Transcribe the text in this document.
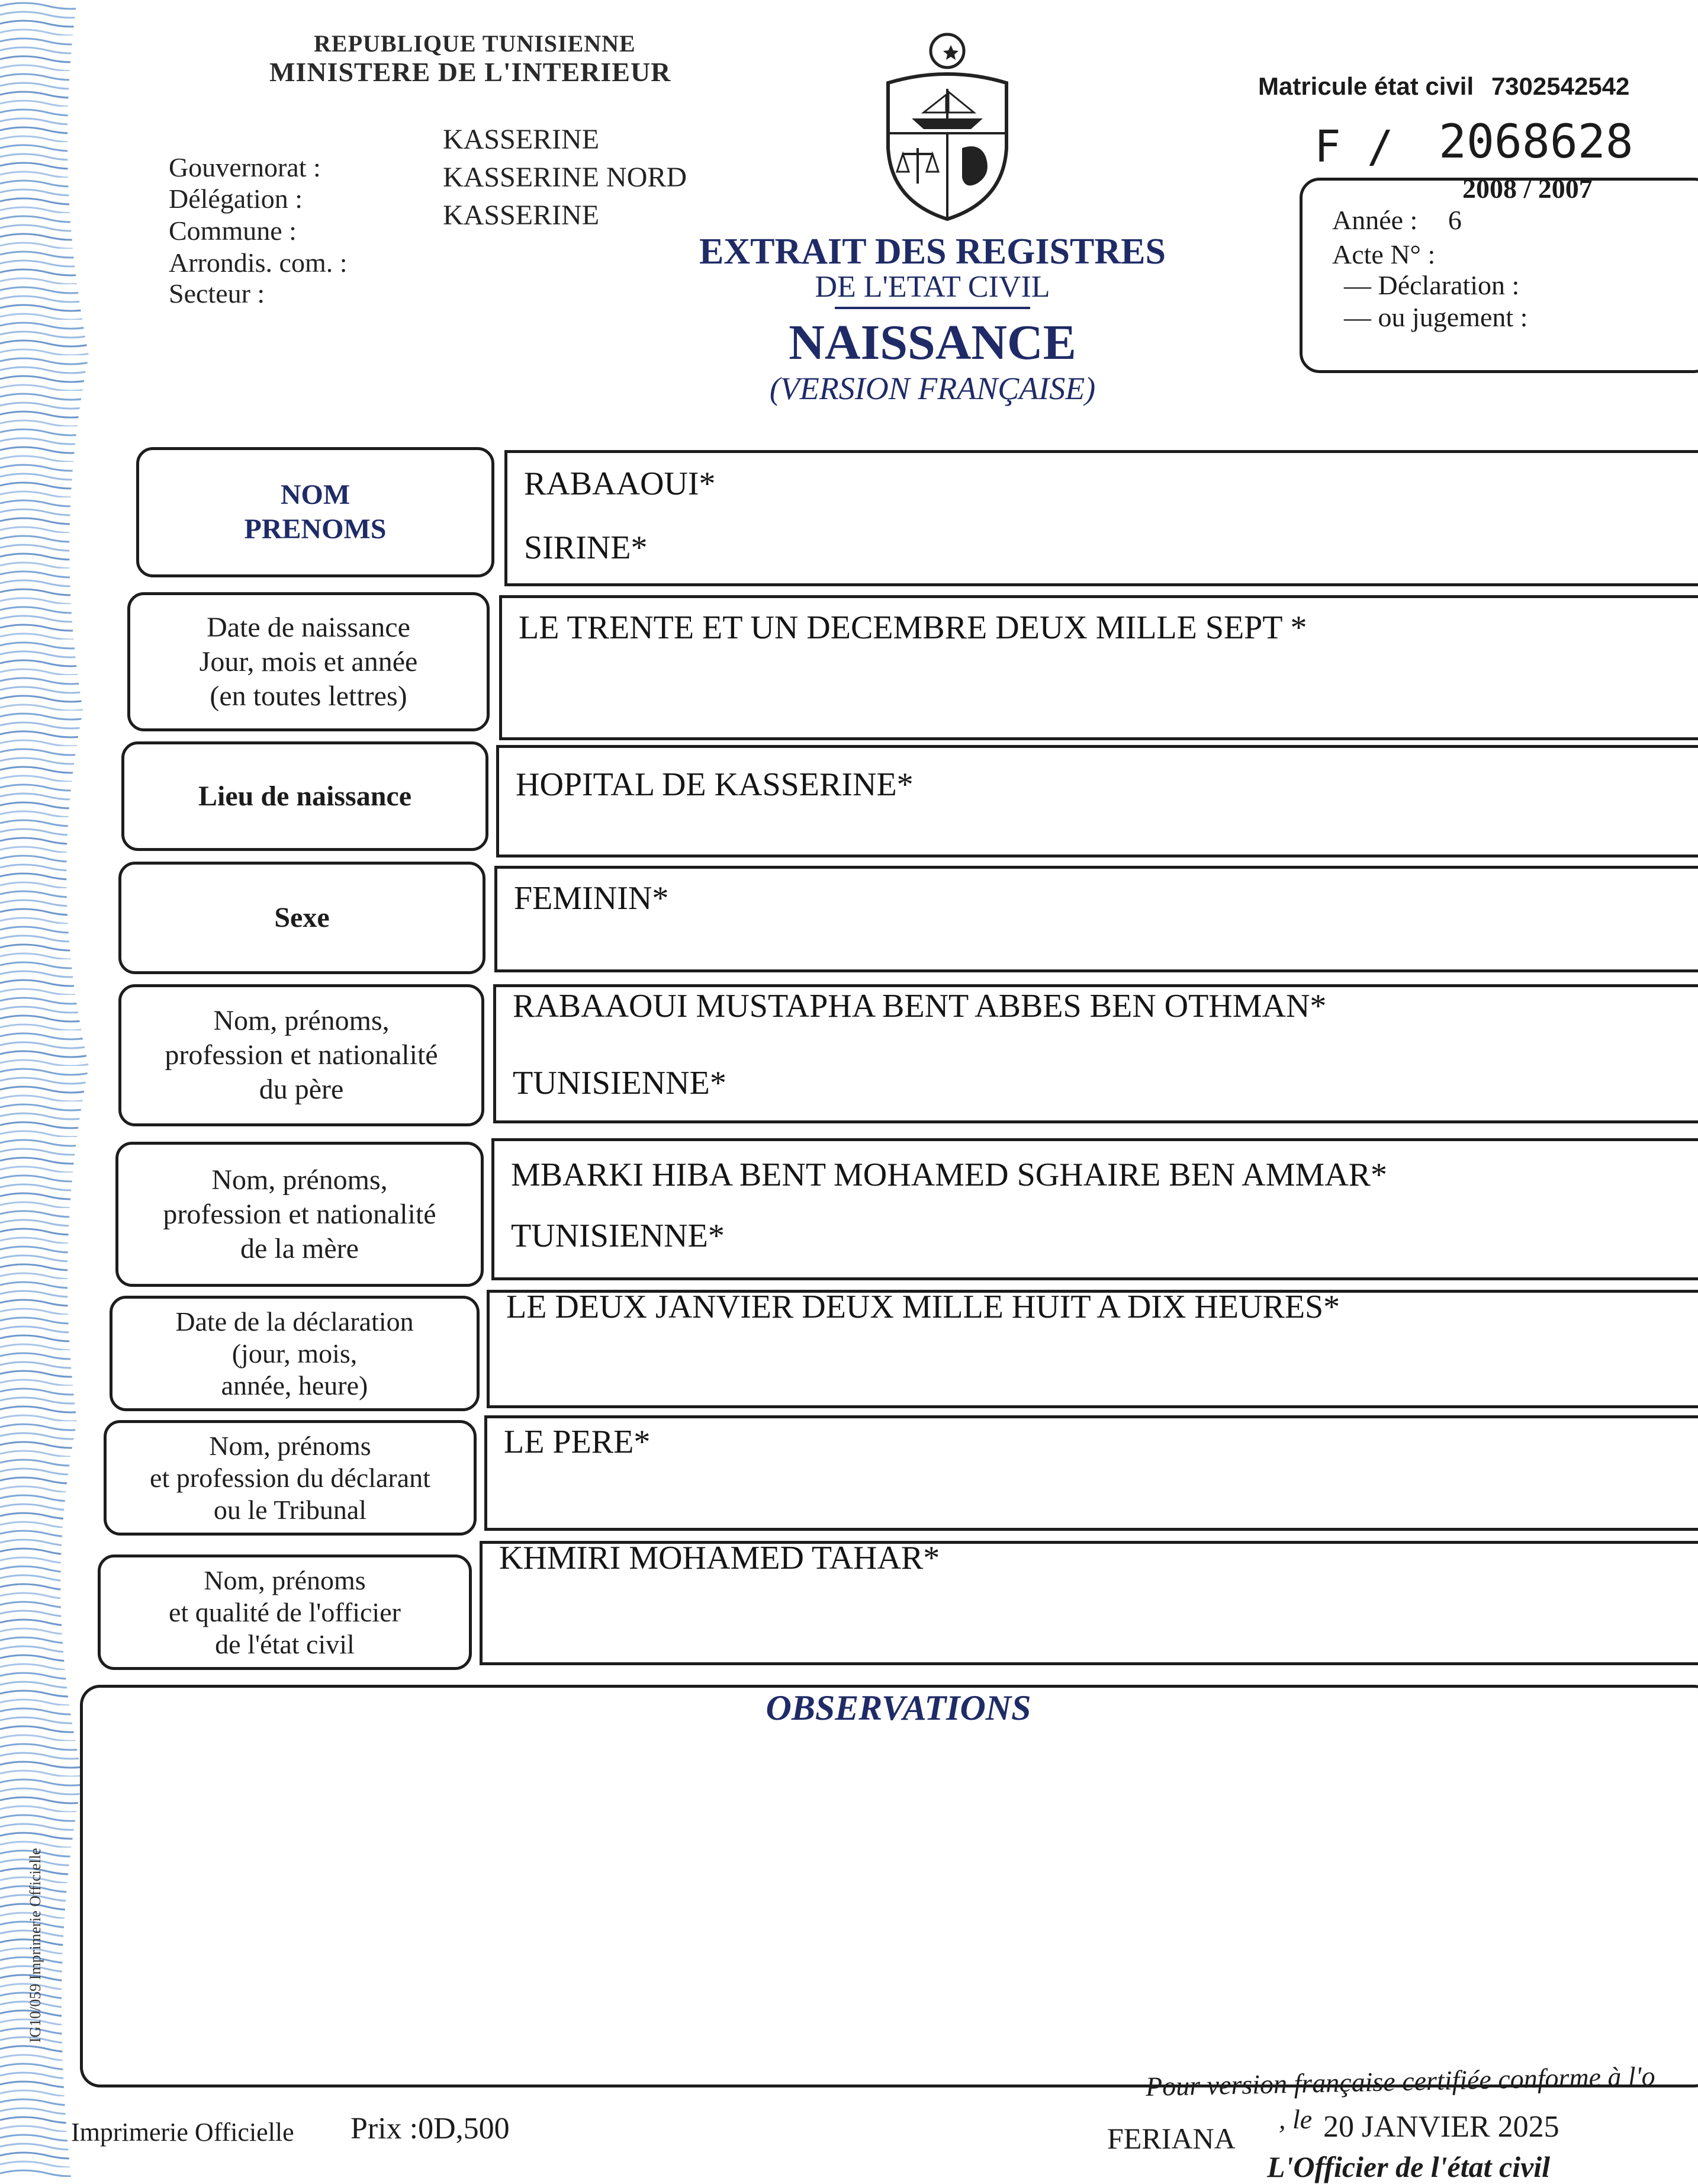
REPUBLIQUE TUNISIENNE
MINISTERE DE L'INTERIEUR
Gouvernorat :
Délégation :
Commune :
Arrondis. com. :
Secteur :
KASSERINE
KASSERINE NORD
KASSERINE
EXTRAIT DES REGISTRES
DE L'ETAT CIVIL
NAISSANCE
(VERSION FRANÇAISE)
Matricule état civil 7302542542
F / 2068628
2008 / 2007
Année : 6
Acte N° :
— Déclaration :
— ou jugement :
NOM
PRENOMS
RABAAOUI*
SIRINE*
Date de naissance
Jour, mois et année
(en toutes lettres)
LE TRENTE ET UN DECEMBRE DEUX MILLE SEPT *
Lieu de naissance	HOPITAL DE KASSERINE*
Sexe
FEMININ*
Nom, prénoms,
profession et nationalité
du père
RABAAOUI MUSTAPHA BENT ABBES BEN OTHMAN*
TUNISIENNE*
Nom, prénoms,
profession et nationalité
de la mère
MBARKI HIBA BENT MOHAMED SGHAIRE BEN AMMAR*
TUNISIENNE*
Date de la déclaration
(jour, mois,
année, heure)
LE DEUX JANVIER DEUX MILLE HUIT A DIX HEURES*
Nom, prénoms
et profession du déclarant
ou le Tribunal
LE PERE*
Nom, prénoms
et qualité de l'officier
de l'état civil
KHMIRI MOHAMED TAHAR*
OBSERVATIONS
IG10/059 Imprimerie Officielle
Pour version française certifiée conforme à l'o
Imprimerie Officielle Prix :0D,500	FERIANA
, le 20 JANVIER 2025
L'Officier de l'état civil
